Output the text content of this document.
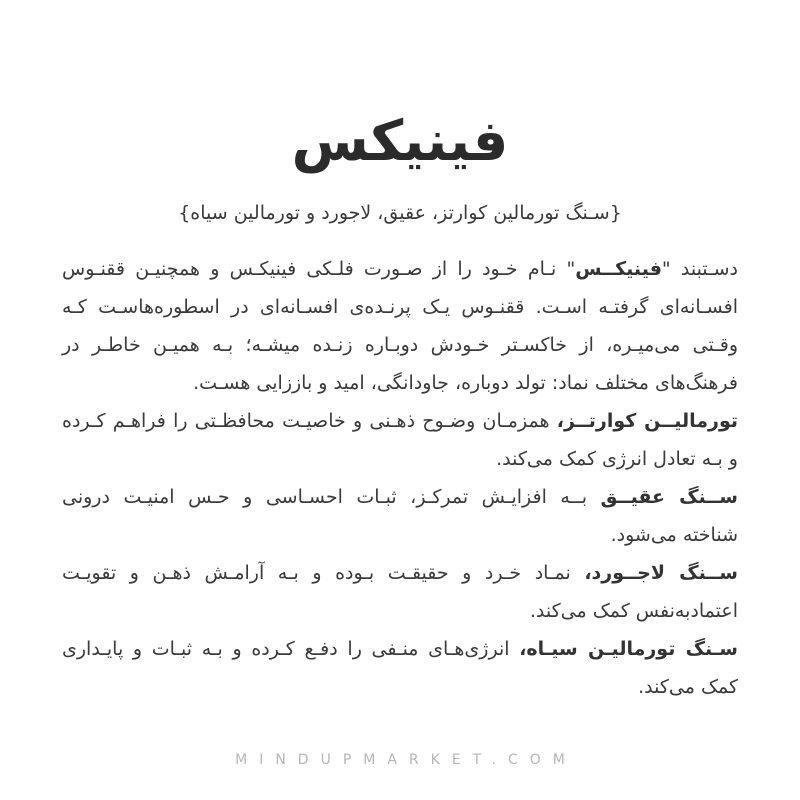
فینیکس
{سـنگ تورمالین کوارتز، عقیق، لاجورد و تورمالین سیاه}
دسـتبند "فینیکــس" نـام خـود را از صـورت فلـکی فینیکـس و همچنیـن ققنـوس
افسـانه‌ای گرفتـه اسـت. ققنـوس یـک پرنـده‌ی افسـانه‌ای در اسطوره‌هاسـت کـه
وقـتی می‌میـره، از خاکسـتر خـودش دوبـاره زنـده میشـه؛ بـه همیـن خاطـر در
فرهنگ‌های مختلف نماد: تولد دوباره، جاودانگی، امید و باززایی هسـت.
تورمالیــن کوارتــز، همزمـان وضـوح ذهـنی و خاصیـت محافظـتی را فراهـم کـرده
و بـه تعادل انرژی کمک می‌کند.
ســنگ عقیــق بــه افزایـش تمرکـز، ثبـات احسـاسی و حـس امنیـت درونی
شناخته می‌شود.
ســنگ لاجــورد، نمـاد خـرد و حقیقـت بـوده و بـه آرامـش ذهـن و تقویـت
اعتمادبه‌نفس کمک می‌کند.
سـنگ تورمالیـن سیـاه، انرژی‌هـای منـفی را دفـع کـرده و بـه ثبـات و پایـداری
کمک می‌کند.
MINDUPMARKET.COM
